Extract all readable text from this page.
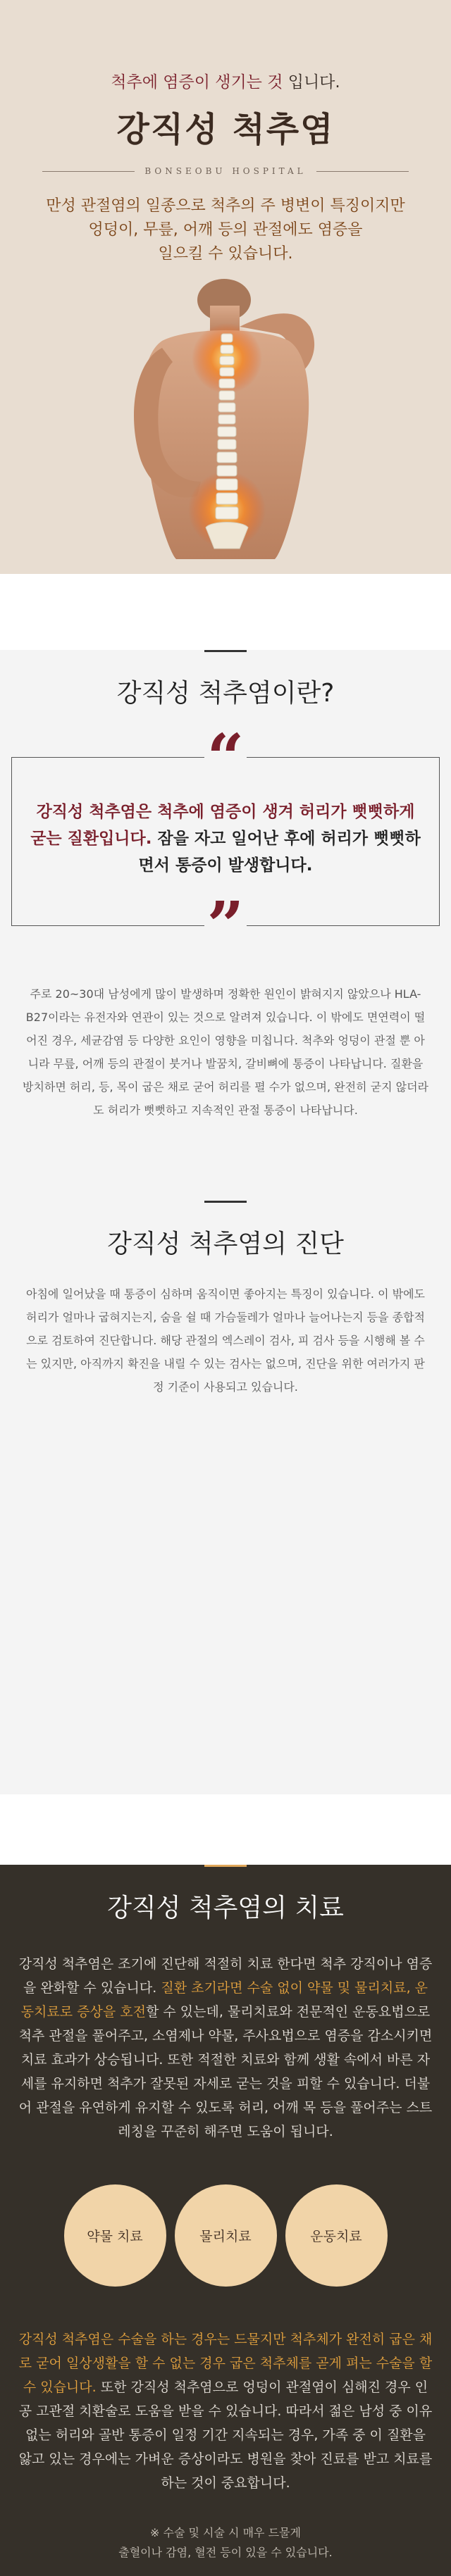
척추에 염증이 생기는 것 입니다.
강직성 척추염
BONSEOBU HOSPITAL
만성 관절염의 일종으로 척추의 주 병변이 특징이지만
엉덩이, 무릎, 어깨 등의 관절에도 염증을
일으킬 수 있습니다.
강직성 척추염이란?
“
강직성 척추염은 척추에 염증이 생겨 허리가 뻣뻣하게 굳는 질환입니다. 잠을 자고 일어난 후에 허리가 뻣뻣하면서 통증이 발생합니다.
”

주로 20~30대 남성에게 많이 발생하며 정확한 원인이 밝혀지지 않았으나 HLA-B27이라는 유전자와 연관이 있는 것으로 알려져 있습니다. 이 밖에도 면연력이 떨어진 경우, 세균감염 등 다양한 요인이 영향을 미칩니다. 척추와 엉덩이 관절 뿐 아니라 무릎, 어깨 등의 관절이 붓거나 발꿈치, 갈비뼈에 통증이 나타납니다. 질환을 방치하면 허리, 등, 목이 굽은 채로 굳어 허리를 펼 수가 없으며, 완전히 굳지 않더라도 허리가 뻣뻣하고 지속적인 관절 통증이 나타납니다.

강직성 척추염의 진단

아침에 일어났을 때 통증이 심하며 움직이면 좋아지는 특징이 있습니다. 이 밖에도 허리가 얼마나 굽혀지는지, 숨을 쉴 때 가슴둘레가 얼마나 늘어나는지 등을 종합적으로 검토하여 진단합니다. 해당 관절의 엑스레이 검사, 피 검사 등을 시행해 볼 수는 있지만, 아직까지 확진을 내릴 수 있는 검사는 없으며, 진단을 위한 여러가지 판정 기준이 사용되고 있습니다.

강직성 척추염의 치료

강직성 척추염은 조기에 진단해 적절히 치료 한다면 척추 강직이나 염증을 완화할 수 있습니다. 질환 초기라면 수술 없이 약물 및 물리치료, 운동치료로 증상을 호전할 수 있는데, 물리치료와 전문적인 운동요법으로 척추 관절을 풀어주고, 소염제나 약물, 주사요법으로 염증을 감소시키면 치료 효과가 상승됩니다. 또한 적절한 치료와 함께 생활 속에서 바른 자세를 유지하면 척추가 잘못된 자세로 굳는 것을 피할 수 있습니다. 더불어 관절을 유연하게 유지할 수 있도록 허리, 어깨 목 등을 풀어주는 스트레칭을 꾸준히 해주면 도움이 됩니다.

약물 치료	물리치료	운동치료

강직성 척추염은 수술을 하는 경우는 드물지만 척추체가 완전히 굽은 채로 굳어 일상생활을 할 수 없는 경우 굽은 척추체를 곧게 펴는 수술을 할 수 있습니다. 또한 강직성 척추염으로 엉덩이 관절염이 심해진 경우 인공 고관절 치환술로 도움을 받을 수 있습니다. 따라서 젊은 남성 중 이유 없는 허리와 골반 통증이 일정 기간 지속되는 경우, 가족 중 이 질환을 앓고 있는 경우에는 가벼운 증상이라도 병원을 찾아 진료를 받고 치료를 하는 것이 중요합니다.

※ 수술 및 시술 시 매우 드물게
출혈이나 감염, 혈전 등이 있을 수 있습니다.
